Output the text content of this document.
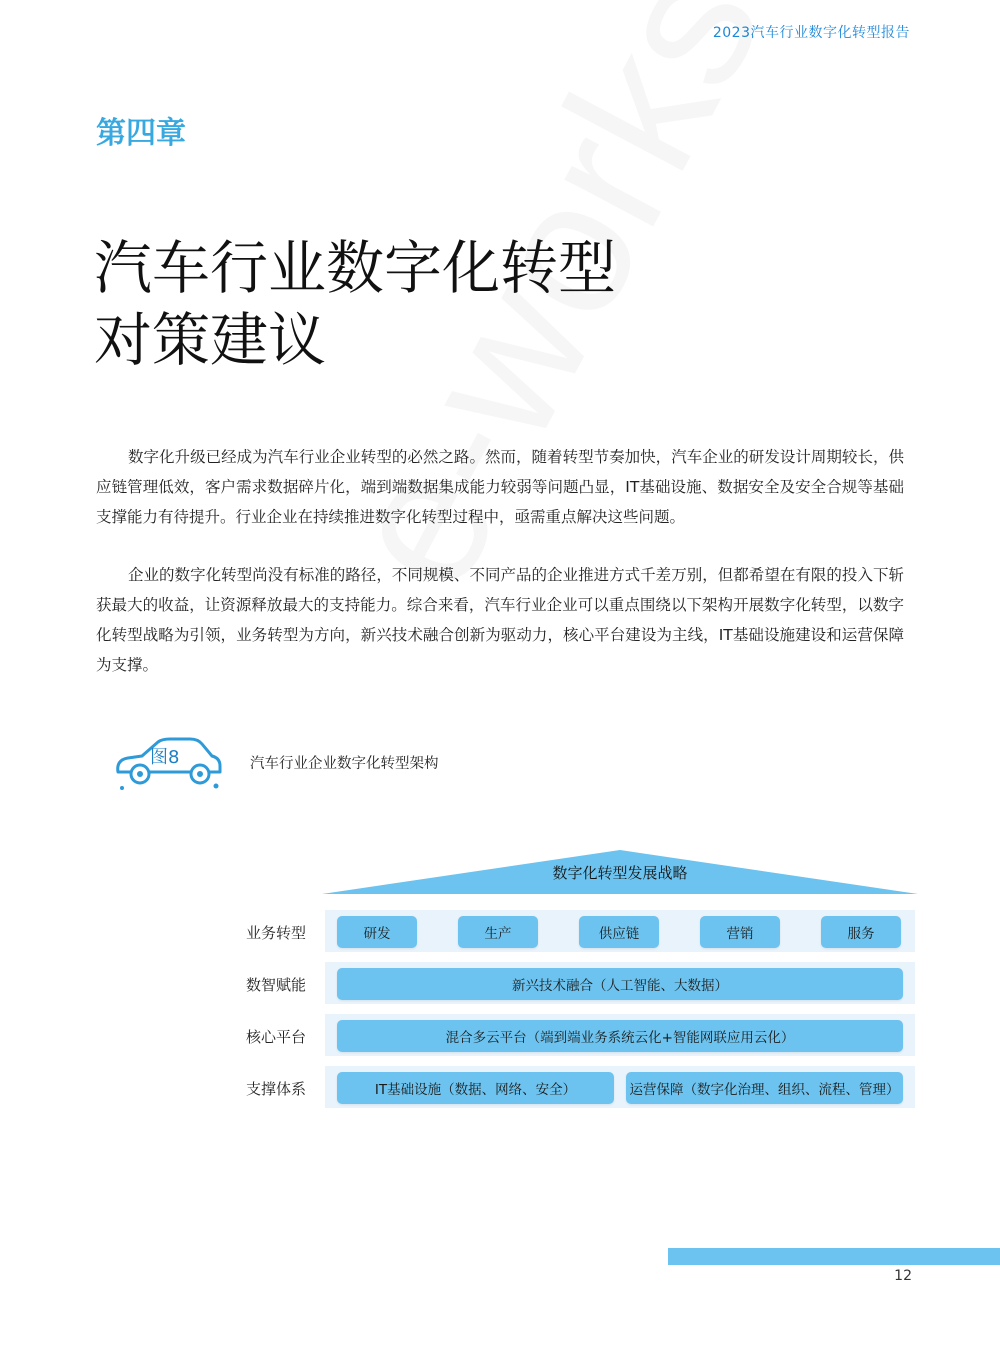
2023汽车行业数字化转型报告
第四章
汽车行业数字化转型
对策建议

数字化升级已经成为汽车行业企业转型的必然之路。然而，随着转型节奏加快，汽车企业的研发设计周期较长，供应链管理低效，客户需求数据碎片化，端到端数据集成能力较弱等问题凸显，IT基础设施、数据安全及安全合规等基础支撑能力有待提升。行业企业在持续推进数字化转型过程中，亟需重点解决这些问题。

企业的数字化转型尚没有标准的路径，不同规模、不同产品的企业推进方式千差万别，但都希望在有限的投入下斩获最大的收益，让资源释放最大的支持能力。综合来看，汽车行业企业可以重点围绕以下架构开展数字化转型，以数字化转型战略为引领，业务转型为方向，新兴技术融合创新为驱动力，核心平台建设为主线，IT基础设施建设和运营保障为支撑。

图8	汽车行业企业数字化转型架构
数字化转型发展战略
业务转型	研发	生产	供应链	营销	服务
数智赋能	新兴技术融合（人工智能、大数据）
核心平台	混合多云平台（端到端业务系统云化+智能网联应用云化）
支撑体系	IT基础设施（数据、网络、安全）	运营保障（数字化治理、组织、流程、管理）
12
